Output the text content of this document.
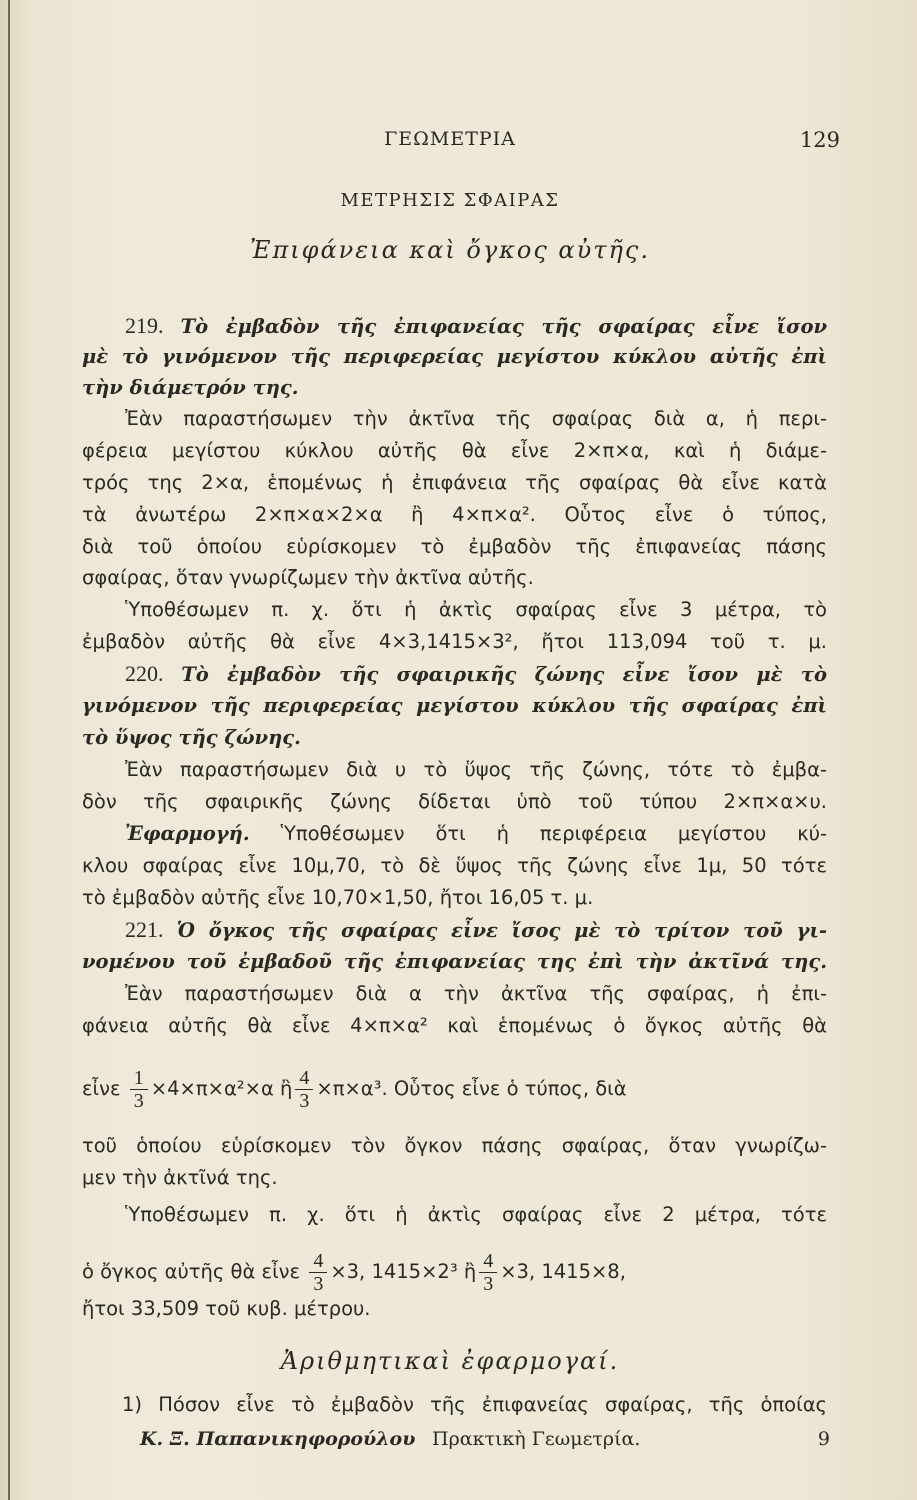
ΓΕΩΜΕΤΡΙΑ	129
ΜΕΤΡΗΣΙΣ ΣΦΑΙΡΑΣ
Ἐπιφάνεια καὶ ὄγκος αὐτῆς.
219. Τὸ ἐμβαδὸν τῆς ἐπιφανείας τῆς σφαίρας εἶνε ἴσον
μὲ τὸ γινόμενον τῆς περιφερείας μεγίστου κύκλου αὐτῆς ἐπὶ
τὴν διάμετρόν της.
Ἐὰν παραστήσωμεν τὴν ἀκτῖνα τῆς σφαίρας διὰ α, ἡ περι-
φέρεια μεγίστου κύκλου αὐτῆς θὰ εἶνε 2×π×α, καὶ ἡ διάμε-
τρός της 2×α, ἑπομένως ἡ ἐπιφάνεια τῆς σφαίρας θὰ εἶνε κατὰ
τὰ ἀνωτέρω 2×π×α×2×α ἢ 4×π×α². Οὗτος εἶνε ὁ τύπος,
διὰ τοῦ ὁποίου εὑρίσκομεν τὸ ἐμβαδὸν τῆς ἐπιφανείας πάσης
σφαίρας, ὅταν γνωρίζωμεν τὴν ἀκτῖνα αὐτῆς.
Ὑποθέσωμεν π. χ. ὅτι ἡ ἀκτὶς σφαίρας εἶνε 3 μέτρα, τὸ
ἐμβαδὸν αὐτῆς θὰ εἶνε 4×3,1415×3², ἤτοι 113,094 τοῦ τ. μ.
220. Τὸ ἐμβαδὸν τῆς σφαιρικῆς ζώνης εἶνε ἴσον μὲ τὸ
γινόμενον τῆς περιφερείας μεγίστου κύκλου τῆς σφαίρας ἐπὶ
τὸ ὕψος τῆς ζώνης.
Ἐὰν παραστήσωμεν διὰ υ τὸ ὕψος τῆς ζώνης, τότε τὸ ἐμβα-
δὸν τῆς σφαιρικῆς ζώνης δίδεται ὑπὸ τοῦ τύπου 2×π×α×υ.
Ἐφαρμογή. Ὑποθέσωμεν ὅτι ἡ περιφέρεια μεγίστου κύ-
κλου σφαίρας εἶνε 10μ,70, τὸ δὲ ὕψος τῆς ζώνης εἶνε 1μ, 50 τότε
τὸ ἐμβαδὸν αὐτῆς εἶνε 10,70×1,50, ἤτοι 16,05 τ. μ.
221. Ὁ ὄγκος τῆς σφαίρας εἶνε ἴσος μὲ τὸ τρίτον τοῦ γι-
νομένου τοῦ ἐμβαδοῦ τῆς ἐπιφανείας της ἐπὶ τὴν ἀκτῖνά της.
Ἐὰν παραστήσωμεν διὰ α τὴν ἀκτῖνα τῆς σφαίρας, ἡ ἐπι-
φάνεια αὐτῆς θὰ εἶνε 4×π×α² καὶ ἑπομένως ὁ ὄγκος αὐτῆς θὰ
εἶνε $\frac{1}{3} \times 4\times\pi\times\alpha^2\times\alpha$ ἢ $\frac{4}{3} \times\pi\times\alpha^3$. Οὗτος εἶνε ὁ τύπος, διὰ
τοῦ ὁποίου εὑρίσκομεν τὸν ὄγκον πάσης σφαίρας, ὅταν γνωρίζω-
μεν τὴν ἀκτῖνά της.
Ὑποθέσωμεν π. χ. ὅτι ἡ ἀκτὶς σφαίρας εἶνε 2 μέτρα, τότε
ὁ ὄγκος αὐτῆς θὰ εἶνε $\frac{4}{3} \times 3$, 1415×2³ ἢ $\frac{4}{3} \times 3$, 1415×8,
ἤτοι 33,509 τοῦ κυβ. μέτρου.
Ἀριθμητικαὶ ἐφαρμογαί.
1) Πόσον εἶνε τὸ ἐμβαδὸν τῆς ἐπιφανείας σφαίρας, τῆς ὁποίας
Κ. Ξ. Παπανικηφορούλου Πρακτικὴ Γεωμετρία.	9
